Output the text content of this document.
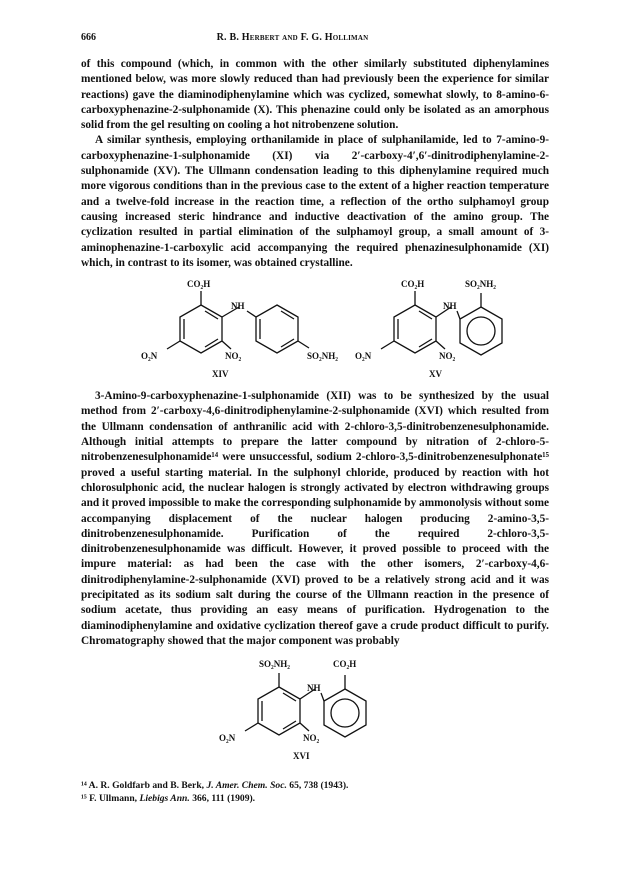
666	R. B. Herbert and F. G. Holliman

of this compound (which, in common with the other similarly substituted diphenylamines mentioned below, was more slowly reduced than had previously been the experience for similar reactions) gave the diaminodiphenylamine which was cyclized, somewhat slowly, to 8-amino-6-carboxyphenazine-2-sulphonamide (X). This phenazine could only be isolated as an amorphous solid from the gel resulting on cooling a hot nitrobenzene solution.

A similar synthesis, employing orthanilamide in place of sulphanilamide, led to 7-amino-9-carboxyphenazine-1-sulphonamide (XI) via 2′-carboxy-4′,6′-dinitrodiphenylamine-2-sulphonamide (XV). The Ullmann condensation leading to this diphenylamine required much more vigorous conditions than in the previous case to the extent of a higher reaction temperature and a twelve-fold increase in the reaction time, a reflection of the ortho sulphamoyl group causing increased steric hindrance and inductive deactivation of the amino group. The cyclization resulted in partial elimination of the sulphamoyl group, a small amount of 3-aminophenazine-1-carboxylic acid accompanying the required phenazinesulphonamide (XI) which, in contrast to its isomer, was obtained crystalline.

CO₂H
NH
O₂N	NO₂	SO₂NH₂
XIV
CO₂H	SO₂NH₂
NH
O₂N	NO₂
XV

3-Amino-9-carboxyphenazine-1-sulphonamide (XII) was to be synthesized by the usual method from 2′-carboxy-4,6-dinitrodiphenylamine-2-sulphonamide (XVI) which resulted from the Ullmann condensation of anthranilic acid with 2-chloro-3,5-dinitrobenzenesulphonamide. Although initial attempts to prepare the latter compound by nitration of 2-chloro-5-nitrobenzenesulphonamide¹⁴ were unsuccessful, sodium 2-chloro-3,5-dinitrobenzenesulphonate¹⁵ proved a useful starting material. In the sulphonyl chloride, produced by reaction with hot chlorosulphonic acid, the nuclear halogen is strongly activated by electron withdrawing groups and it proved impossible to make the corresponding sulphonamide by ammonolysis without some accompanying displacement of the nuclear halogen producing 2-amino-3,5-dinitrobenzenesulphonamide. Purification of the required 2-chloro-3,5-dinitrobenzenesulphonamide was difficult. However, it proved possible to proceed with the impure material: as had been the case with the other isomers, 2′-carboxy-4,6-dinitrodiphenylamine-2-sulphonamide (XVI) proved to be a relatively strong acid and it was precipitated as its sodium salt during the course of the Ullmann reaction in the presence of sodium acetate, thus providing an easy means of purification. Hydrogenation to the diaminodiphenylamine and oxidative cyclization thereof gave a crude product difficult to purify. Chromatography showed that the major component was probably

SO₂NH₂	CO₂H
NH
O₂N	NO₂
XVI
¹⁴ A. R. Goldfarb and B. Berk, J. Amer. Chem. Soc. 65, 738 (1943).
¹⁵ F. Ullmann, Liebigs Ann. 366, 111 (1909).
